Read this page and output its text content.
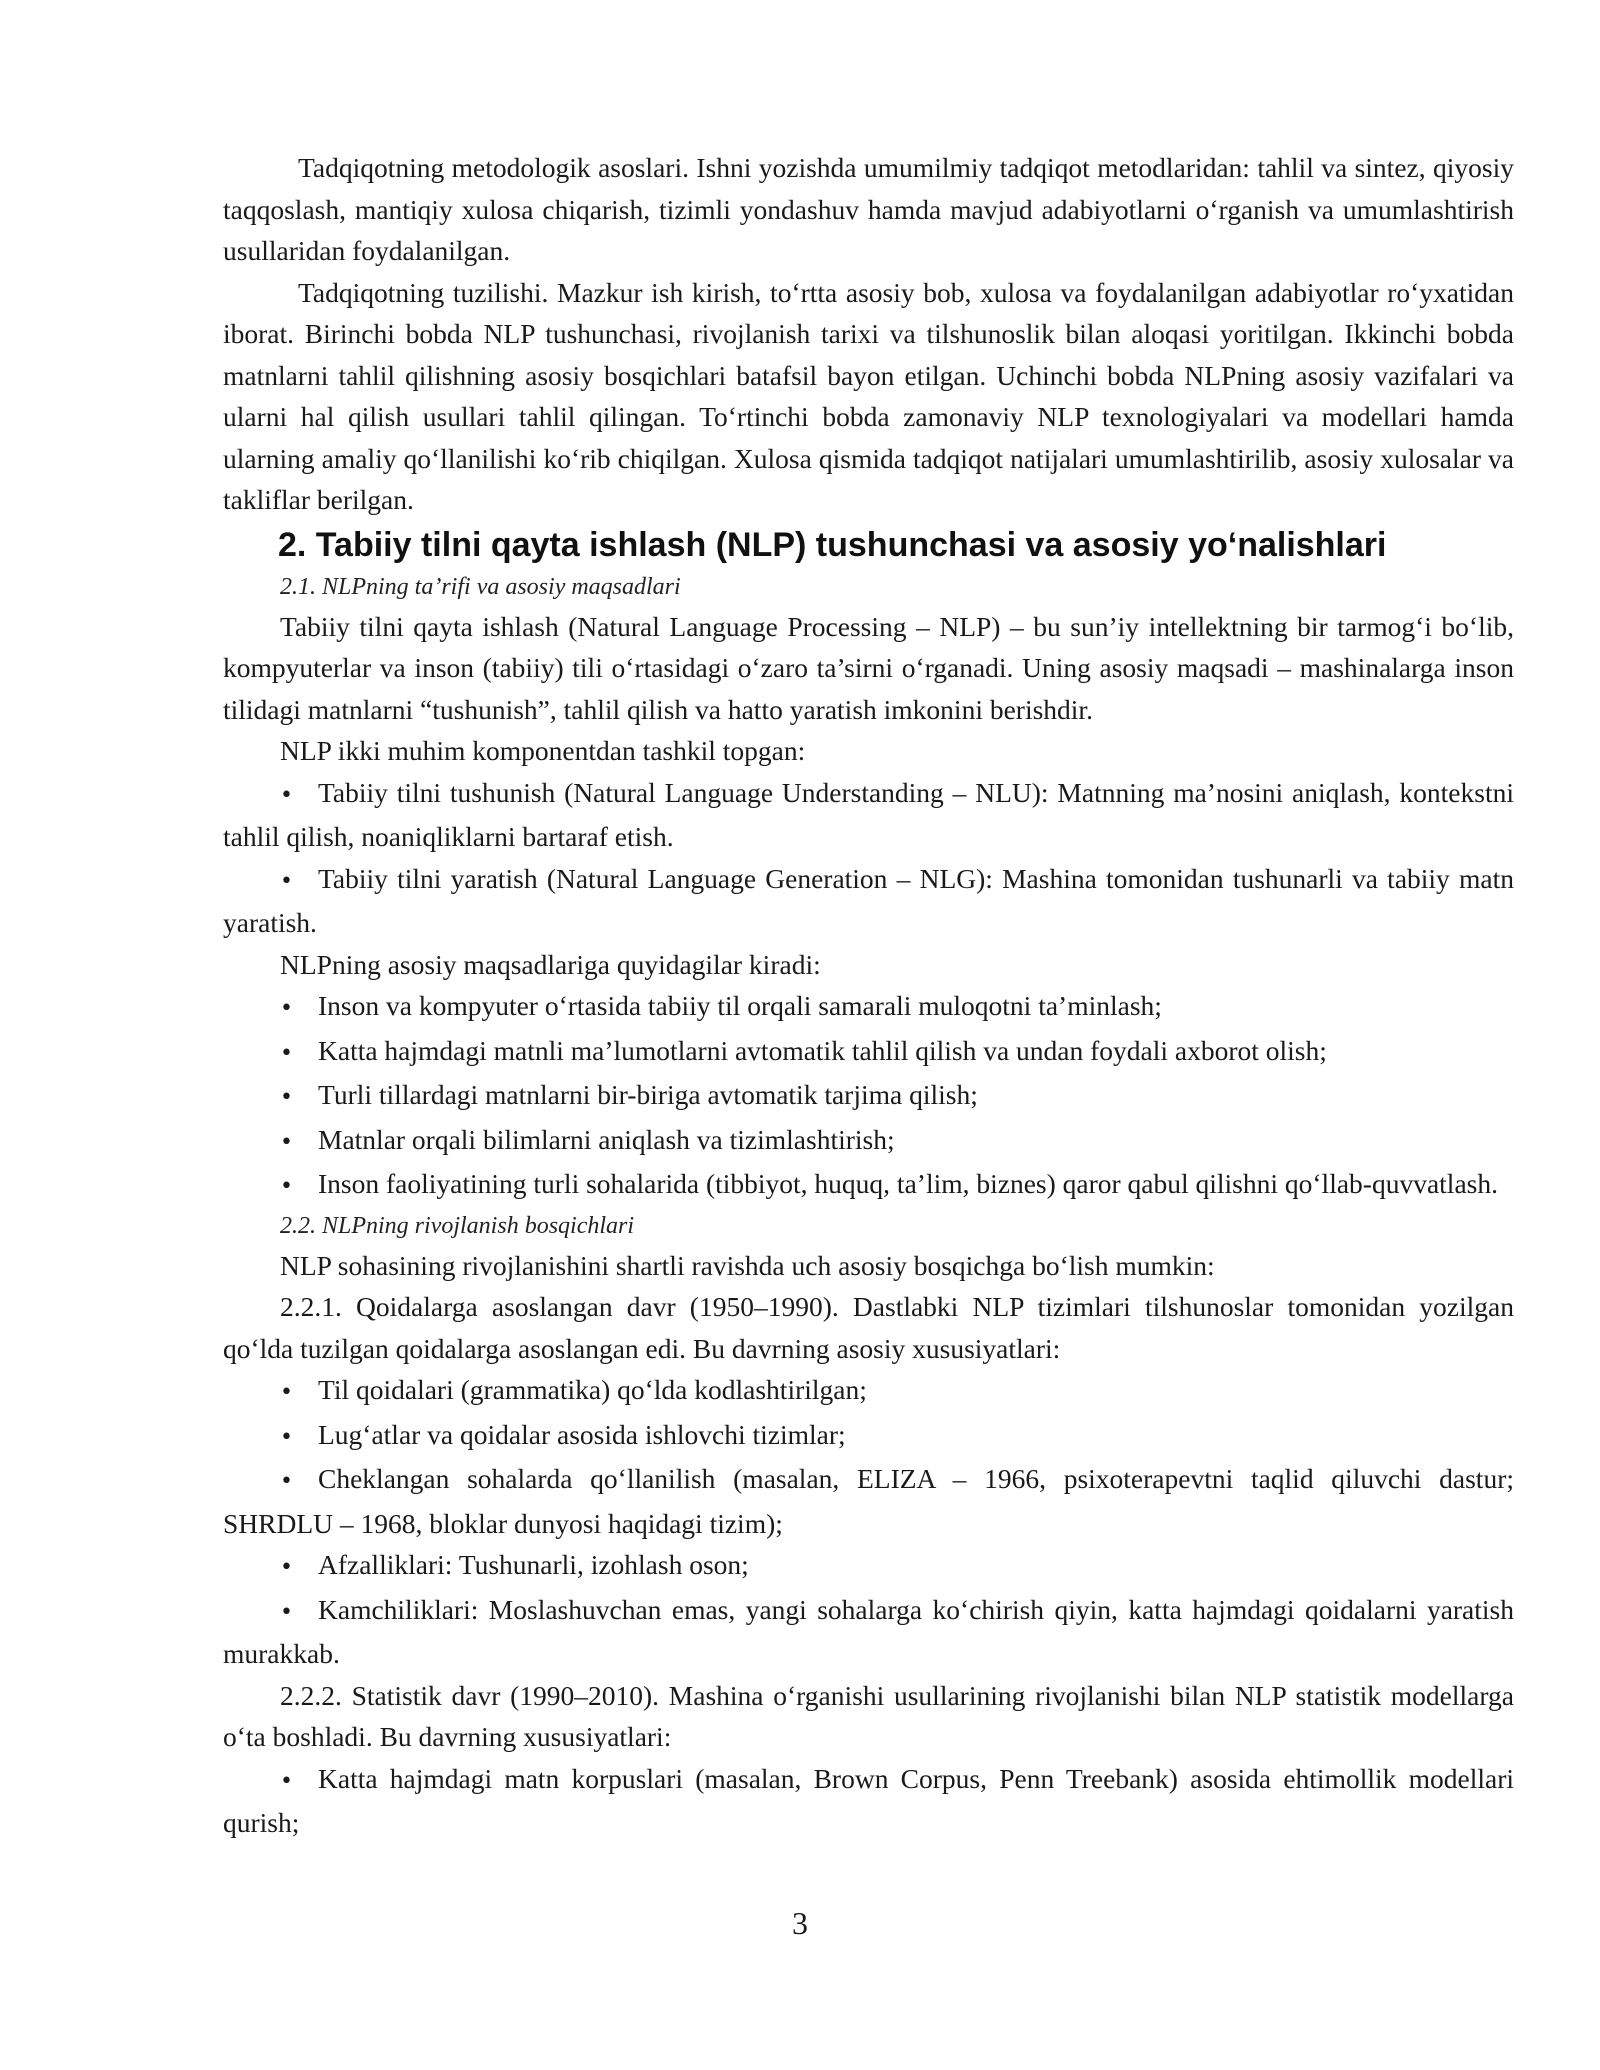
Tadqiqotning metodologik asoslari. Ishni yozishda umumilmiy tadqiqot metodlaridan: tahlil va sintez, qiyosiy taqqoslash, mantiqiy xulosa chiqarish, tizimli yondashuv hamda mavjud adabiyotlarni o‘rganish va umumlashtirish usullaridan foydalanilgan.

Tadqiqotning tuzilishi. Mazkur ish kirish, to‘rtta asosiy bob, xulosa va foydalanilgan adabiyotlar ro‘yxatidan iborat. Birinchi bobda NLP tushunchasi, rivojlanish tarixi va tilshunoslik bilan aloqasi yoritilgan. Ikkinchi bobda matnlarni tahlil qilishning asosiy bosqichlari batafsil bayon etilgan. Uchinchi bobda NLPning asosiy vazifalari va ularni hal qilish usullari tahlil qilingan. To‘rtinchi bobda zamonaviy NLP texnologiyalari va modellari hamda ularning amaliy qo‘llanilishi ko‘rib chiqilgan. Xulosa qismida tadqiqot natijalari umumlashtirilib, asosiy xulosalar va takliflar berilgan.

2. Tabiiy tilni qayta ishlash (NLP) tushunchasi va asosiy yo‘nalishlari

2.1. NLPning ta’rifi va asosiy maqsadlari

Tabiiy tilni qayta ishlash (Natural Language Processing – NLP) – bu sun’iy intellektning bir tarmog‘i bo‘lib, kompyuterlar va inson (tabiiy) tili o‘rtasidagi o‘zaro ta’sirni o‘rganadi. Uning asosiy maqsadi – mashinalarga inson tilidagi matnlarni “tushunish”, tahlil qilish va hatto yaratish imkonini berishdir.

NLP ikki muhim komponentdan tashkil topgan:

•Tabiiy tilni tushunish (Natural Language Understanding – NLU): Matnning ma’nosini aniqlash, kontekstni tahlil qilish, noaniqliklarni bartaraf etish.

•Tabiiy tilni yaratish (Natural Language Generation – NLG): Mashina tomonidan tushunarli va tabiiy matn yaratish.

NLPning asosiy maqsadlariga quyidagilar kiradi:

•Inson va kompyuter o‘rtasida tabiiy til orqali samarali muloqotni ta’minlash;

•Katta hajmdagi matnli ma’lumotlarni avtomatik tahlil qilish va undan foydali axborot olish;

•Turli tillardagi matnlarni bir-biriga avtomatik tarjima qilish;

•Matnlar orqali bilimlarni aniqlash va tizimlashtirish;

•Inson faoliyatining turli sohalarida (tibbiyot, huquq, ta’lim, biznes) qaror qabul qilishni qo‘llab-quvvatlash.

2.2. NLPning rivojlanish bosqichlari

NLP sohasining rivojlanishini shartli ravishda uch asosiy bosqichga bo‘lish mumkin:

2.2.1. Qoidalarga asoslangan davr (1950–1990). Dastlabki NLP tizimlari tilshunoslar tomonidan yozilgan qo‘lda tuzilgan qoidalarga asoslangan edi. Bu davrning asosiy xususiyatlari:

•Til qoidalari (grammatika) qo‘lda kodlashtirilgan;

•Lug‘atlar va qoidalar asosida ishlovchi tizimlar;

•Cheklangan sohalarda qo‘llanilish (masalan, ELIZA – 1966, psixoterapevtni taqlid qiluvchi dastur; SHRDLU – 1968, bloklar dunyosi haqidagi tizim);

•Afzalliklari: Tushunarli, izohlash oson;

•Kamchiliklari: Moslashuvchan emas, yangi sohalarga ko‘chirish qiyin, katta hajmdagi qoidalarni yaratish murakkab.

2.2.2. Statistik davr (1990–2010). Mashina o‘rganishi usullarining rivojlanishi bilan NLP statistik modellarga o‘ta boshladi. Bu davrning xususiyatlari:

•Katta hajmdagi matn korpuslari (masalan, Brown Corpus, Penn Treebank) asosida ehtimollik modellari qurish;

3
